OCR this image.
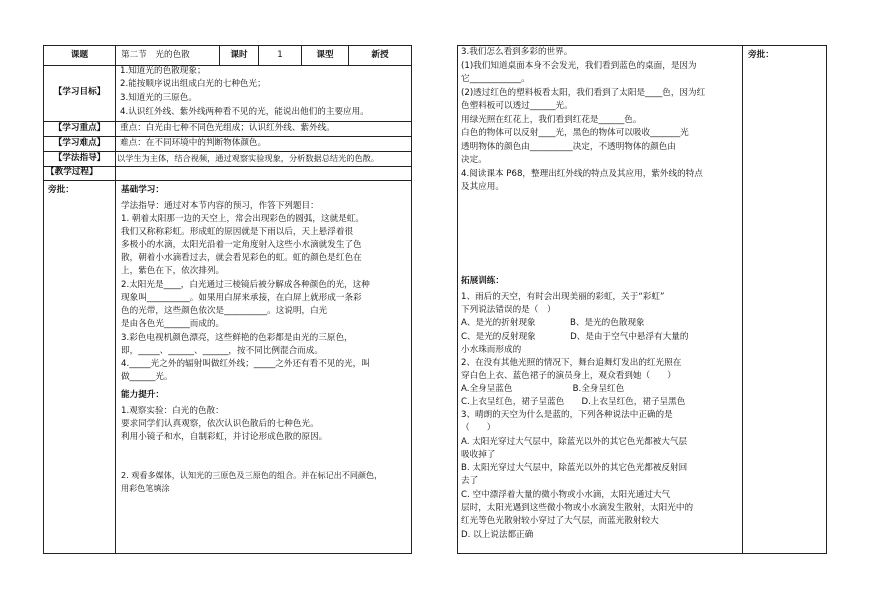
课题	第二节　光的色散	课时	1	课型	新授
【学习目标】
1.知道光的色散现象；
2.能按顺序说出组成白光的七种色光；
3.知道光的三原色。
4.认识红外线、紫外线两种看不见的光，能说出他们的主要应用。
【学习重点】	重点：白光由七种不同色光组成；认识红外线、紫外线。
【学习难点】	难点：在不同环境中的判断物体颜色。
【学法指导】	以学生为主体，结合视频，通过观察实验现象，分析数据总结光的色散。
【教学过程】
旁批：	基础学习：
学法指导：通过对本节内容的预习，作答下列题目：
1. 朝着太阳那一边的天空上，常会出现彩色的圆弧，这就是虹。
我们又称称彩虹。形成虹的原因就是下雨以后，天上悬浮着很
多极小的水滴，太阳光沿着一定角度射入这些小水滴就发生了色
散，朝着小水滴看过去，就会看见彩色的虹。虹的颜色是红色在
上，紫色在下，依次排列。
2.太阳光是____，白光通过三棱镜后被分解成各种颜色的光，这种
现象叫__________。如果用白屏来承接，在白屏上就形成一条彩
色的光带，这些颜色依次是__________。这说明，白光
是由各色光______而成的。
3.彩色电视机颜色漂亮，这些鲜艳的色彩都是由光的三原色，
即，_____、______、______，按不同比例混合而成。
4._____光之外的辐射叫做红外线；_____之外还有看不见的光，叫
做______光。
能力提升：
1.观察实验：白光的色散：
要求同学们认真观察，依次认识色散后的七种色光。
利用小镜子和水，自制彩虹，并讨论形成色散的原因。
2. 观看多媒体，认知光的三原色及三原色的组合。并在标记出不同颜色，
用彩色笔填涂
旁批：
3.我们怎么看到多彩的世界。
(1)我们知道桌面本身不会发光，我们看到蓝色的桌面，是因为
它____________。
(2)透过红色的塑料板看太阳，我们看到了太阳是____色，因为红
色塑料板可以透过______光。
用绿光照在红花上，我们看到红花是______色。
白色的物体可以反射____光，黑色的物体可以吸收_______光
透明物体的颜色由__________决定，不透明物体的颜色由
决定。
4.阅读课本 P68，整理出红外线的特点及其应用，紫外线的特点
及其应用。
拓展训练：
1、雨后的天空，有时会出现美丽的彩虹，关于“彩虹”
下列说法错误的是（　）
A、是光的折射现象　　　　B、是光的色散现象
C、是光的反射现象　　　　D、是由于空气中悬浮有大量的
小水珠而形成的
2、在没有其他光照的情况下，舞台追舞灯发出的红光照在
穿白色上衣、蓝色裙子的演员身上，观众看到她（　　）
A.全身呈蓝色　　　　　　　B.全身呈红色
C.上衣呈红色，裙子呈蓝色　　D.上衣呈红色，裙子呈黑色
3、晴朗的天空为什么是蓝的，下列各种说法中正确的是
（　　）
A. 太阳光穿过大气层中，除蓝光以外的其它色光都被大气层
吸收掉了
B. 太阳光穿过大气层中，除蓝光以外的其它色光都被反射回
去了
C. 空中漂浮着大量的微小物或小水滴，太阳光通过大气
层时，太阳光遇到这些微小物或小水滴发生散射，太阳光中的
红光等色光散射较小穿过了大气层，而蓝光散射较大
D. 以上说法都正确
